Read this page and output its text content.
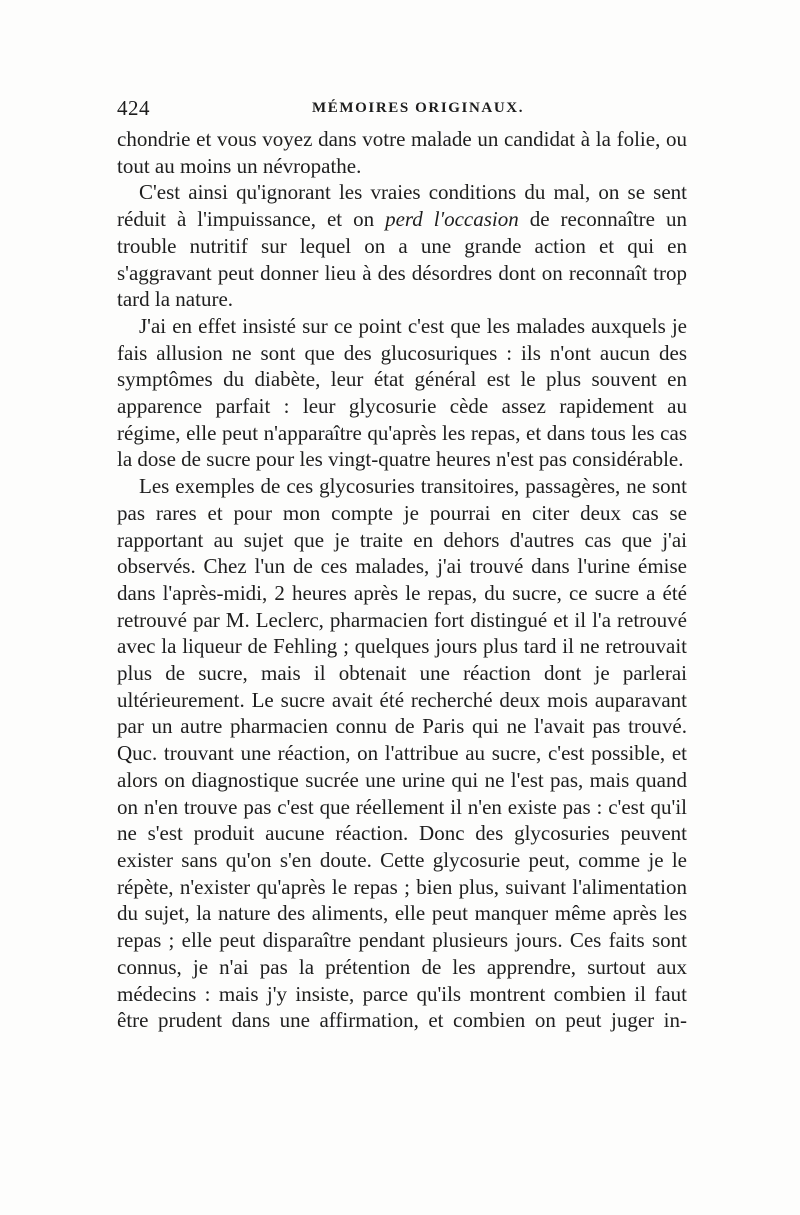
424	MÉMOIRES ORIGINAUX.

chondrie et vous voyez dans votre malade un candidat à la folie, ou tout au moins un névropathe.

C'est ainsi qu'ignorant les vraies conditions du mal, on se sent réduit à l'impuissance, et on perd l'occasion de reconnaître un trouble nutritif sur lequel on a une grande action et qui en s'aggravant peut donner lieu à des désordres dont on reconnaît trop tard la nature.

J'ai en effet insisté sur ce point c'est que les malades auxquels je fais allusion ne sont que des glucosuriques : ils n'ont aucun des symptômes du diabète, leur état général est le plus souvent en apparence parfait : leur glycosurie cède assez rapidement au régime, elle peut n'apparaître qu'après les repas, et dans tous les cas la dose de sucre pour les vingt-quatre heures n'est pas considérable.

Les exemples de ces glycosuries transitoires, passagères, ne sont pas rares et pour mon compte je pourrai en citer deux cas se rapportant au sujet que je traite en dehors d'autres cas que j'ai observés. Chez l'un de ces malades, j'ai trouvé dans l'urine émise dans l'après-midi, 2 heures après le repas, du sucre, ce sucre a été retrouvé par M. Leclerc, pharmacien fort distingué et il l'a retrouvé avec la liqueur de Fehling ; quelques jours plus tard il ne retrouvait plus de sucre, mais il obtenait une réaction dont je parlerai ultérieurement. Le sucre avait été recherché deux mois auparavant par un autre pharmacien connu de Paris qui ne l'avait pas trouvé. Quc. trouvant une réaction, on l'attribue au sucre, c'est possible, et alors on diagnostique sucrée une urine qui ne l'est pas, mais quand on n'en trouve pas c'est que réellement il n'en existe pas : c'est qu'il ne s'est produit aucune réaction. Donc des glycosuries peuvent exister sans qu'on s'en doute. Cette glycosurie peut, comme je le répète, n'exister qu'après le repas ; bien plus, suivant l'alimentation du sujet, la nature des aliments, elle peut manquer même après les repas ; elle peut disparaître pendant plusieurs jours. Ces faits sont connus, je n'ai pas la prétention de les apprendre, surtout aux médecins : mais j'y insiste, parce qu'ils montrent combien il faut être prudent dans une affirmation, et combien on peut juger in-
